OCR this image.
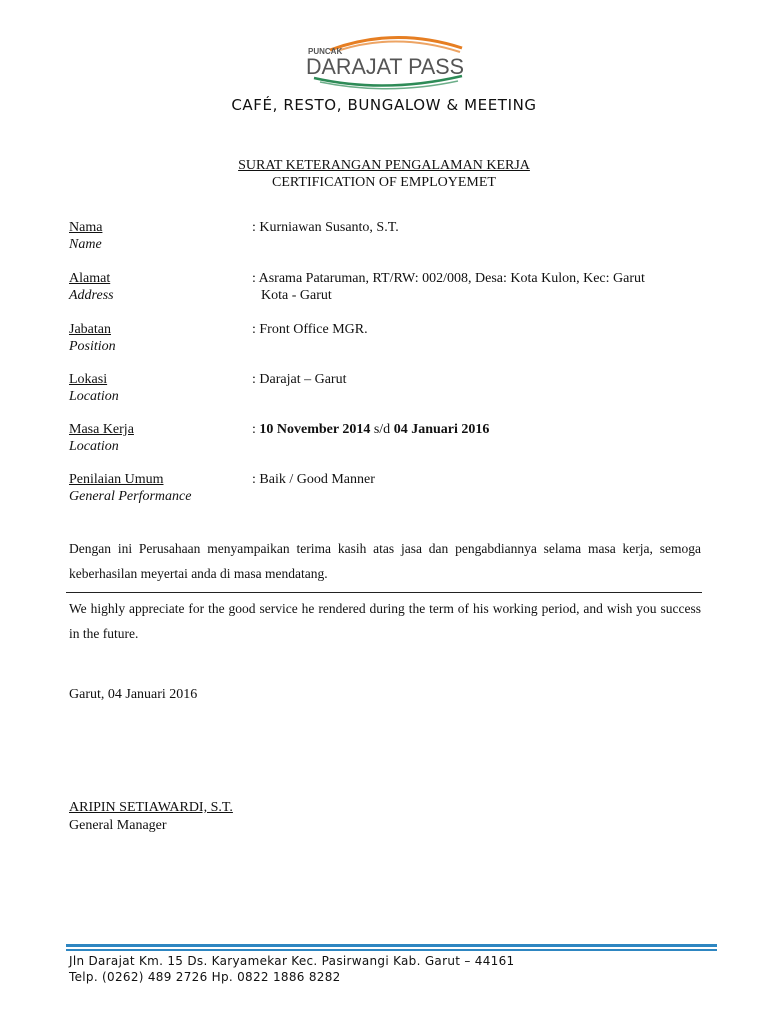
PUNCAK
DARAJAT PASS
CAFÉ, RESTO, BUNGALOW & MEETING
SURAT KETERANGAN PENGALAMAN KERJA
CERTIFICATION OF EMPLOYEMET
Nama
Name
: Kurniawan Susanto, S.T.
Alamat
Address
: Asrama Pataruman, RT/RW: 002/008, Desa: Kota Kulon, Kec: Garut
Kota - Garut
Jabatan
Position
: Front Office MGR.
Lokasi
Location
: Darajat – Garut
Masa Kerja
Location
: 10 November 2014 s/d 04 Januari 2016
Penilaian Umum
General Performance
: Baik / Good Manner
Dengan ini Perusahaan menyampaikan terima kasih atas jasa dan pengabdiannya selama masa kerja, semoga keberhasilan meyertai anda di masa mendatang.
We highly appreciate for the good service he rendered during the term of his working period, and wish you success in the future.
Garut, 04 Januari 2016
ARIPIN SETIAWARDI, S.T.
General Manager
Jln Darajat Km. 15 Ds. Karyamekar Kec. Pasirwangi Kab. Garut – 44161
Telp. (0262) 489 2726 Hp. 0822 1886 8282
